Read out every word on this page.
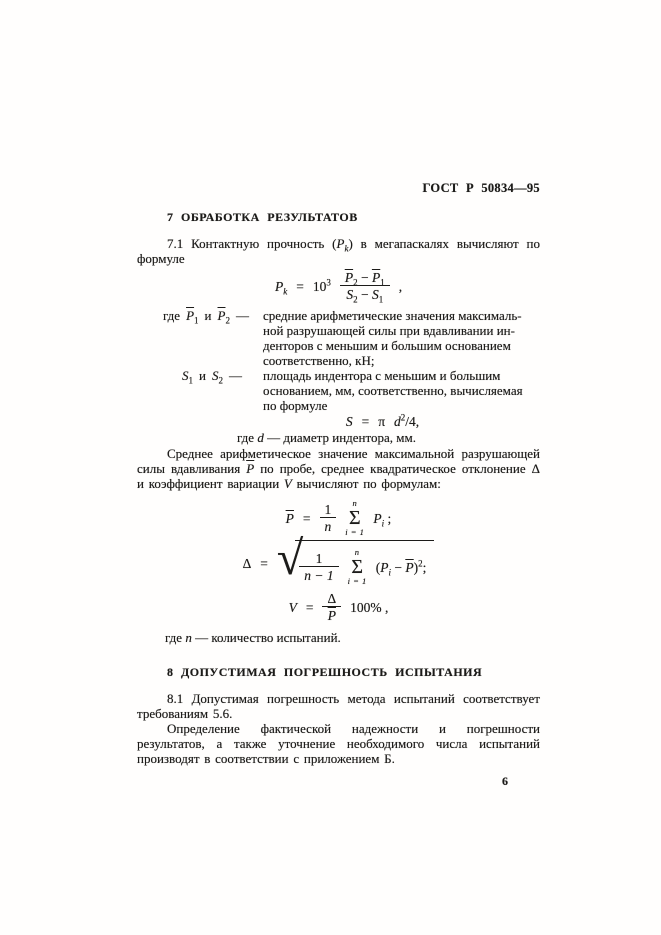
ГОСТ Р 50834—95
7 ОБРАБОТКА РЕЗУЛЬТАТОВ

7.1 Контактную прочность $(P_k)$ в мегапаскалях вычисляют по формуле

$P_k = 10^3 \frac{\overline{P}_2 - \overline{P}_1}{S_2 - S_1}$ ,
где $\overline{P}_1$ и $\overline{P}_2$ — средние арифметические значения максималь-
ной разрушающей силы при вдавливании ин-
денторов с меньшим и большим основанием
соответственно, кН;
$S_1$ и $S_2$ — площадь индентора с меньшим и большим
основанием, мм, соответственно, вычисляемая
по формуле
S = π $d^2/4$,
где d — диаметр индентора, мм.

Среднее арифметическое значение максимальной разрушающей силы вдавливания $\overline{P}$ по пробе, среднее квадратическое отклонение Δ и коэффициент вариации V вычисляют по формулам:

$\overline{P} = \frac{1}{n}$ n
Σ
i = 1
$P_i$ ;
Δ = √
$\frac{1}{n - 1}$ n
Σ
i = 1
$(P_i - \overline{P})^2$;
$V = \frac{\Delta}{P} 100\%$ ,
где n — количество испытаний.
8 ДОПУСТИМАЯ ПОГРЕШНОСТЬ ИСПЫТАНИЯ

8.1 Допустимая погрешность метода испытаний соответствует требованиям 5.6.

Определение фактической надежности и погрешности результатов, а также уточнение необходимого числа испытаний производят в соответствии с приложением Б.

6
